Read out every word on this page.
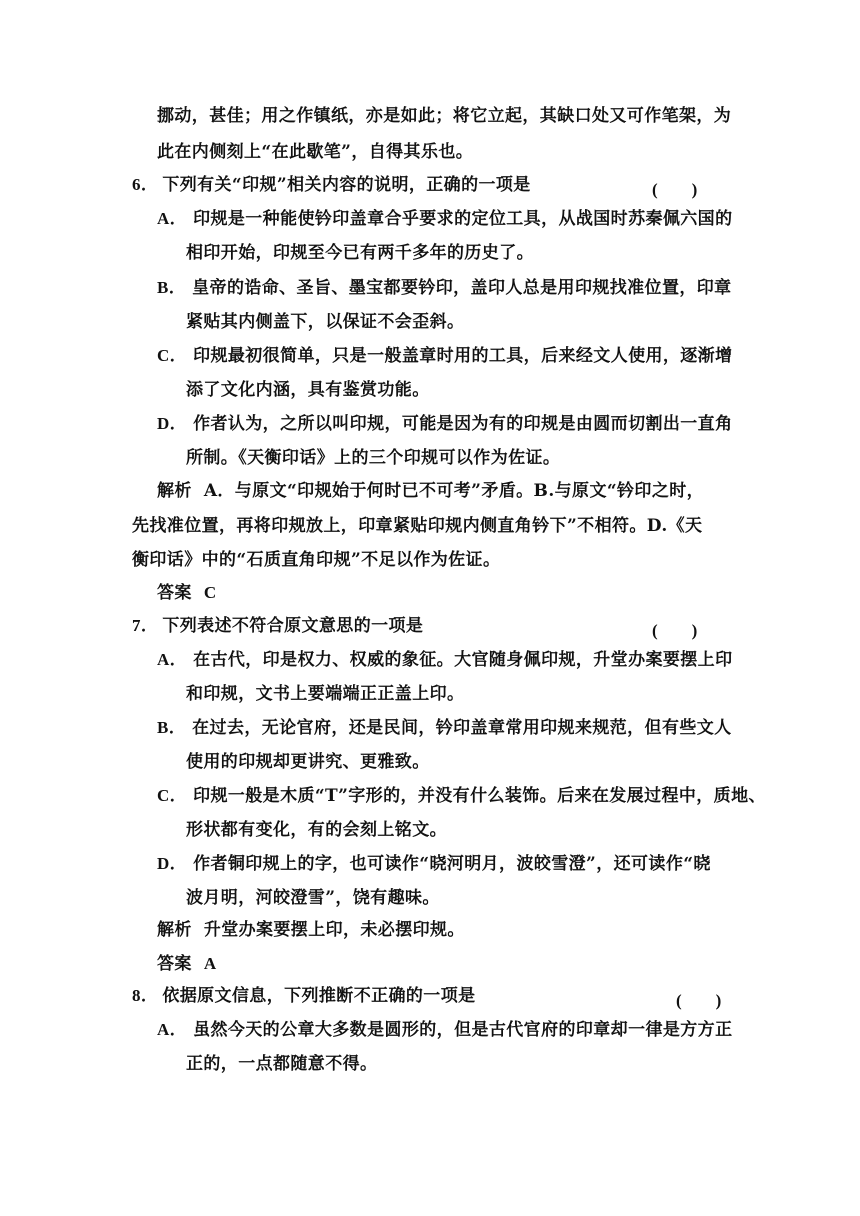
挪动，甚佳；用之作镇纸，亦是如此；将它立起，其缺口处又可作笔架，为
此在内侧刻上“在此歇笔”，自得其乐也。
6． 下列有关“印规”相关内容的说明，正确的一项是	(　　)
A． 印规是一种能使钤印盖章合乎要求的定位工具，从战国时苏秦佩六国的
相印开始，印规至今已有两千多年的历史了。
B． 皇帝的诰命、圣旨、墨宝都要钤印，盖印人总是用印规找准位置，印章
紧贴其内侧盖下，以保证不会歪斜。
C． 印规最初很简单，只是一般盖章时用的工具，后来经文人使用，逐渐增
添了文化内涵，具有鉴赏功能。
D． 作者认为，之所以叫印规，可能是因为有的印规是由圆而切割出一直角
所制。《天衡印话》上的三个印规可以作为佐证。
解析 A．与原文“印规始于何时已不可考”矛盾。B.与原文“钤印之时，
先找准位置，再将印规放上，印章紧贴印规内侧直角钤下”不相符。D.《天
衡印话》中的“石质直角印规”不足以作为佐证。
答案 C
7． 下列表述不符合原文意思的一项是	(　　)
A． 在古代，印是权力、权威的象征。大官随身佩印规，升堂办案要摆上印
和印规，文书上要端端正正盖上印。
B． 在过去，无论官府，还是民间，钤印盖章常用印规来规范，但有些文人
使用的印规却更讲究、更雅致。
C． 印规一般是木质“T”字形的，并没有什么装饰。后来在发展过程中，质地、
形状都有变化，有的会刻上铭文。
D． 作者铜印规上的字，也可读作“晓河明月，波皎雪澄”，还可读作“晓
波月明，河皎澄雪”，饶有趣味。
解析 升堂办案要摆上印，未必摆印规。
答案 A
8． 依据原文信息，下列推断不正确的一项是	(　　)
A． 虽然今天的公章大多数是圆形的，但是古代官府的印章却一律是方方正
正的，一点都随意不得。
